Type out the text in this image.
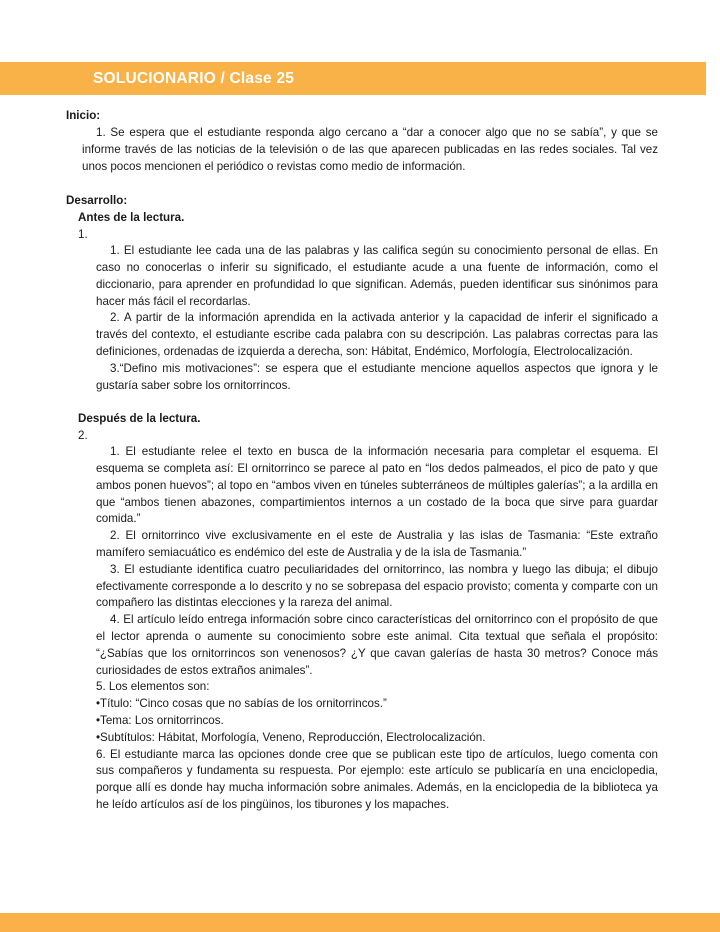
SOLUCIONARIO / Clase 25

Inicio:

1. Se espera que el estudiante responda algo cercano a “dar a conocer algo que no se sabía”, y que se informe través de las noticias de la televisión o de las que aparecen publicadas en las redes sociales. Tal vez unos pocos mencionen el periódico o revistas como medio de información.

Desarrollo:

Antes de la lectura.

1.

1. El estudiante lee cada una de las palabras y las califica según su conocimiento personal de ellas. En caso no conocerlas o inferir su significado, el estudiante acude a una fuente de información, como el diccionario, para aprender en profundidad lo que significan. Además, pueden identificar sus sinónimos para hacer más fácil el recordarlas.

2. A partir de la información aprendida en la activada anterior y la capacidad de inferir el significado a través del contexto, el estudiante escribe cada palabra con su descripción. Las palabras correctas para las definiciones, ordenadas de izquierda a derecha, son: Hábitat, Endémico, Morfología, Electrolocalización.

3.“Defino mis motivaciones”: se espera que el estudiante mencione aquellos aspectos que ignora y le gustaría saber sobre los ornitorrincos.

Después de la lectura.

2.

1. El estudiante relee el texto en busca de la información necesaria para completar el esquema. El esquema se completa así: El ornitorrinco se parece al pato en “los dedos palmeados, el pico de pato y que ambos ponen huevos”; al topo en “ambos viven en túneles subterráneos de múltiples galerías”; a la ardilla en que “ambos tienen abazones, compartimientos internos a un costado de la boca que sirve para guardar comida.”

2. El ornitorrinco vive exclusivamente en el este de Australia y las islas de Tasmania: “Este extraño mamífero semiacuático es endémico del este de Australia y de la isla de Tasmania.”

3. El estudiante identifica cuatro peculiaridades del ornitorrinco, las nombra y luego las dibuja; el dibujo efectivamente corresponde a lo descrito y no se sobrepasa del espacio provisto; comenta y comparte con un compañero las distintas elecciones y la rareza del animal.

4. El artículo leído entrega información sobre cinco características del ornitorrinco con el propósito de que el lector aprenda o aumente su conocimiento sobre este animal. Cita textual que señala el propósito: “¿Sabías que los ornitorrincos son venenosos? ¿Y que cavan galerías de hasta 30 metros? Conoce más curiosidades de estos extraños animales”.

5. Los elementos son:

•Título: “Cinco cosas que no sabías de los ornitorrincos.”

•Tema: Los ornitorrincos.

•Subtítulos: Hábitat, Morfología, Veneno, Reproducción, Electrolocalización.

6. El estudiante marca las opciones donde cree que se publican este tipo de artículos, luego comenta con sus compañeros y fundamenta su respuesta. Por ejemplo: este artículo se publicaría en una enciclopedia, porque allí es donde hay mucha información sobre animales. Además, en la enciclopedia de la biblioteca ya he leído artículos así de los pingüinos, los tiburones y los mapaches.
